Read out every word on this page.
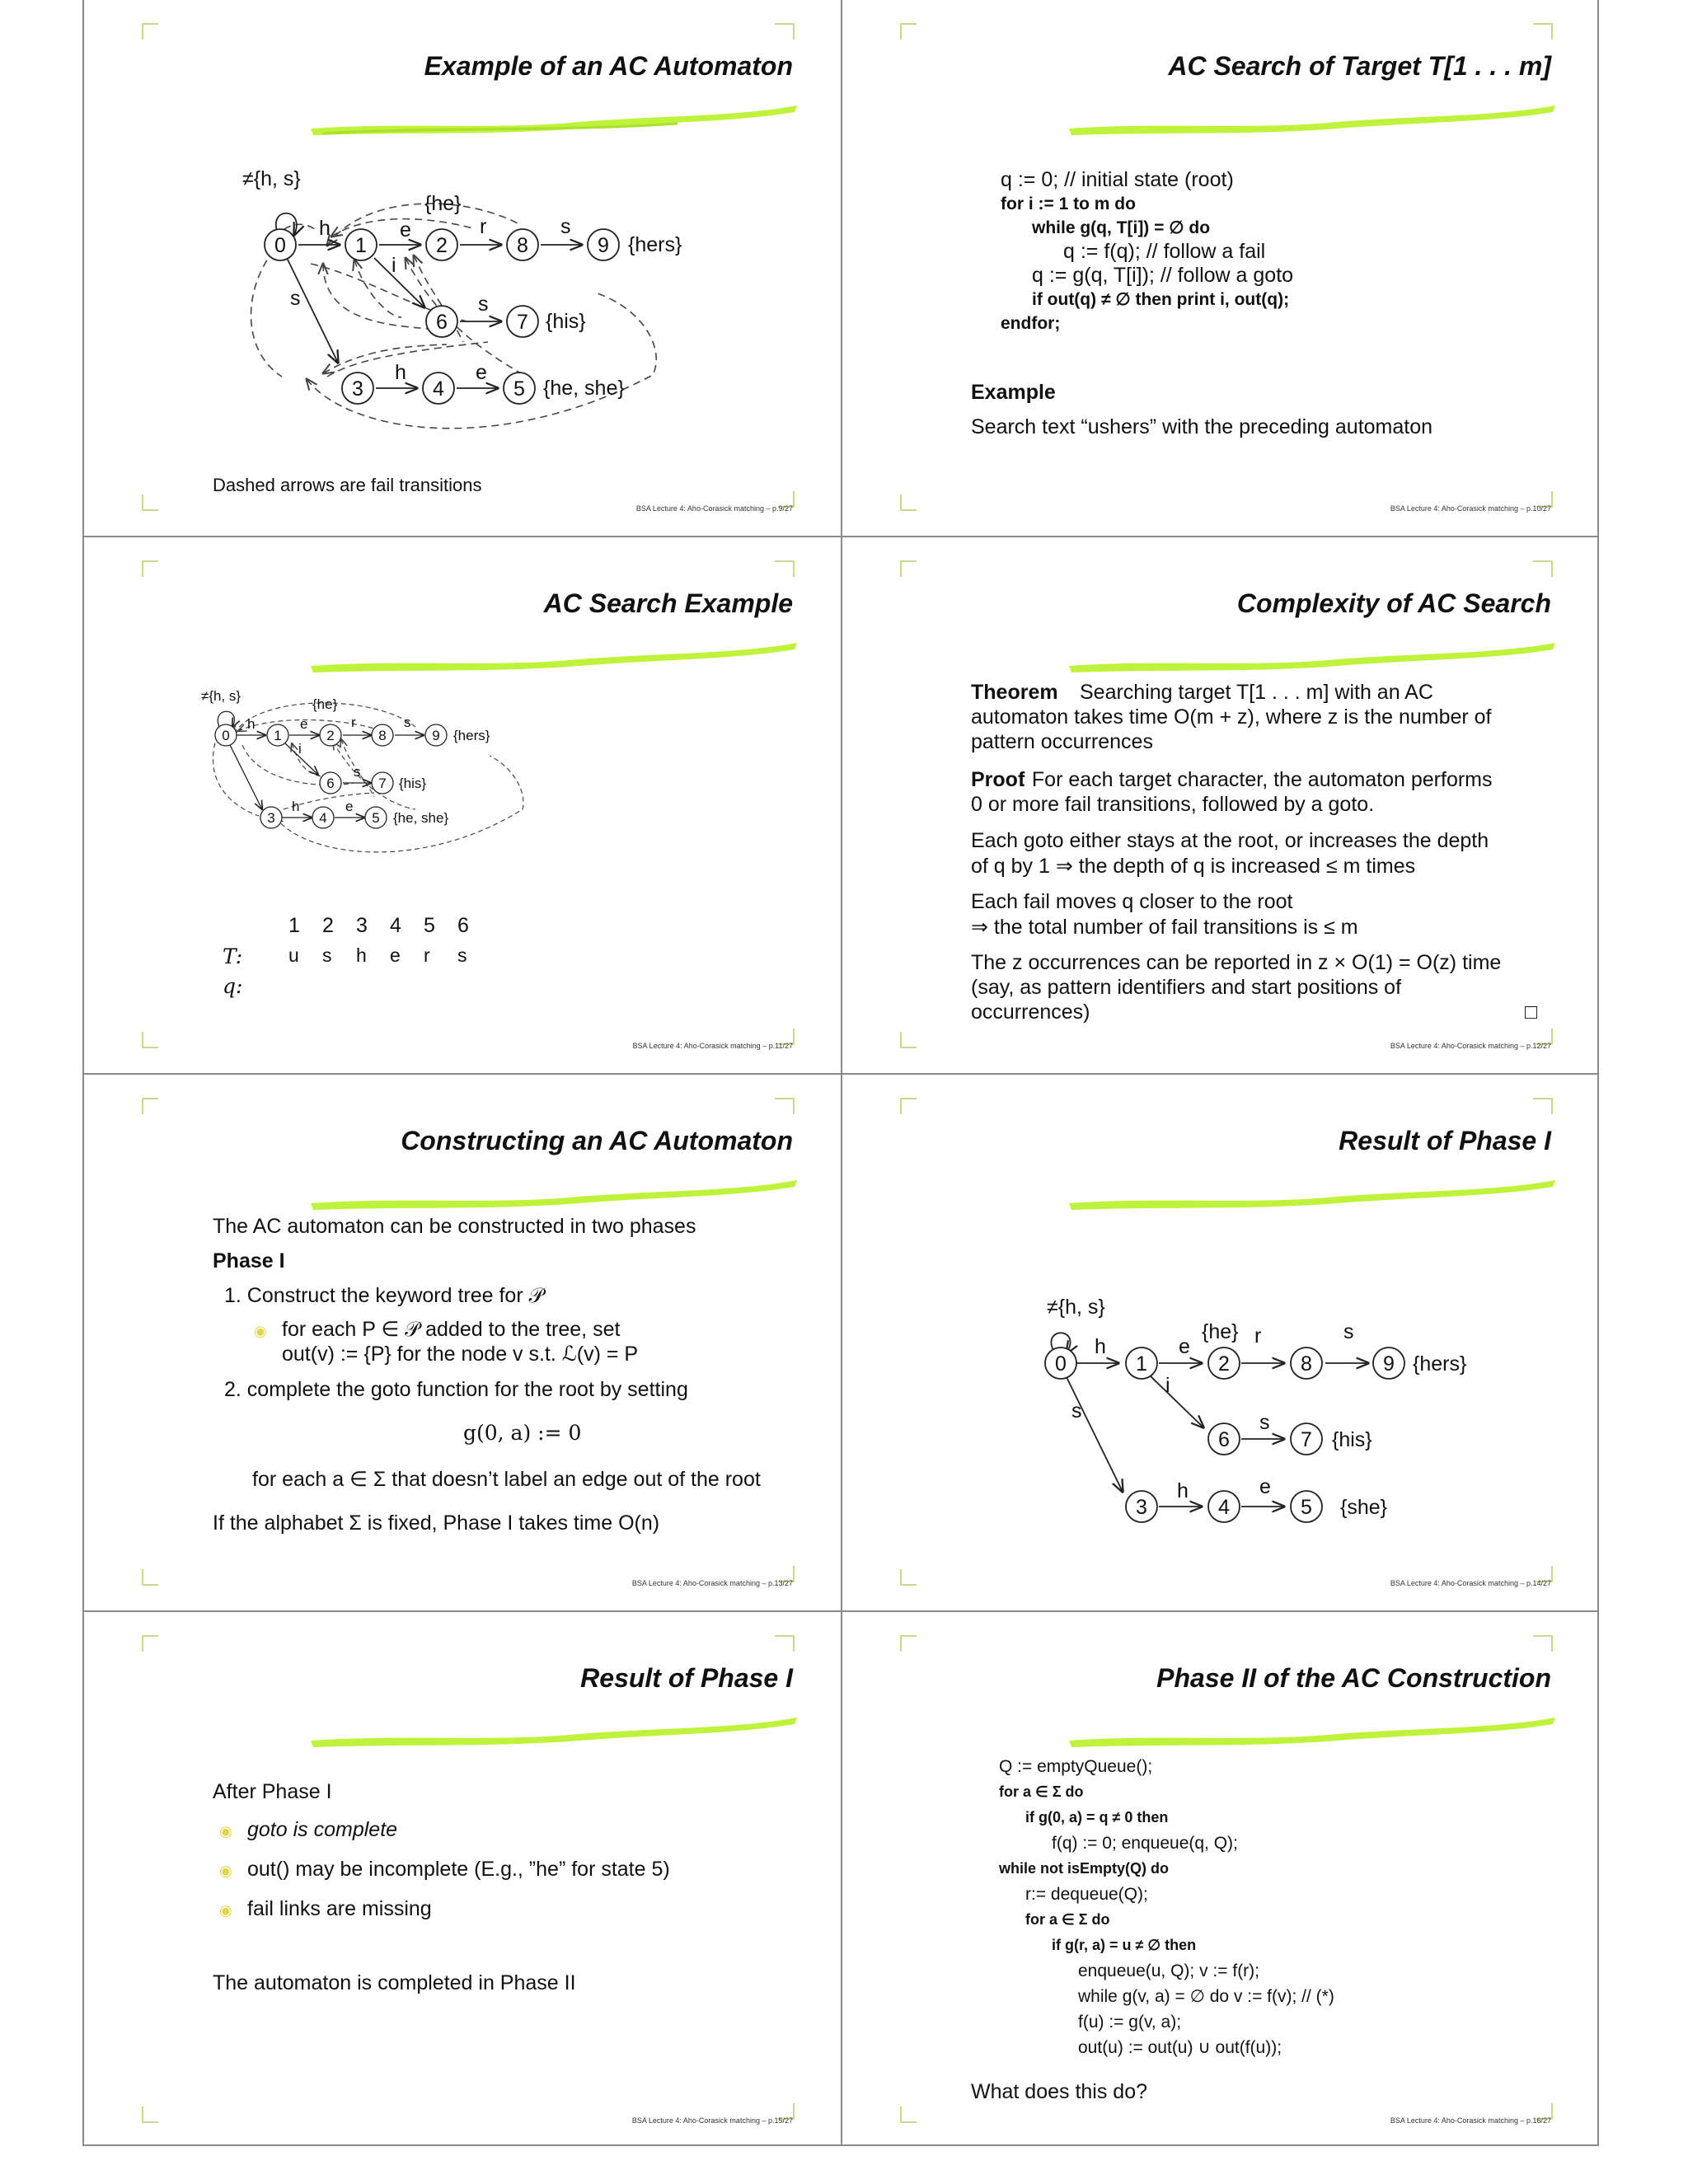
Example of an AC Automaton
0	1	2	8	9
6	7
3	4	5
≠{h, s}
h	e	r	s
i
s
s
h	e
{he}
{hers}
{his}
{he, she}
Dashed arrows are fail transitions
BSA Lecture 4: Aho-Corasick matching – p.9/27
AC Search of Target T[1 . . . m]
q := 0; // initial state (root)
for i := 1 to m do
while g(q, T[i]) = ∅ do
q := f(q); // follow a fail
q := g(q, T[i]); // follow a goto
if out(q) ≠ ∅ then print i, out(q);
endfor;
Example
Search text “ushers” with the preceding automaton
BSA Lecture 4: Aho-Corasick matching – p.10/27
AC Search Example
0	1	2	8	9
6	7
3	4	5
≠{h, s}
h	e	r	s
i
s
h	e
{he}
{hers}
{his}
{he, she}
1 2 3 4 5 6
T: u s h e r s
q:
BSA Lecture 4: Aho-Corasick matching – p.11/27
Complexity of AC Search
Theorem Searching target T[1 . . . m] with an AC
automaton takes time O(m + z), where z is the number of
pattern occurrences
Proof
. For each target character, the automaton performs
0 or more fail transitions, followed by a goto.
Each goto either stays at the root, or increases the depth
of q by 1 ⇒ the depth of q is increased ≤ m times
Each fail moves q closer to the root
⇒ the total number of fail transitions is ≤ m
The z occurrences can be reported in z × O(1) = O(z) time
(say, as pattern identifiers and start positions of
occurrences)	□
BSA Lecture 4: Aho-Corasick matching – p.12/27
Constructing an AC Automaton
The AC automaton can be constructed in two phases
Phase I
1. Construct the keyword tree for 𝒫
◉ for each P ∈ 𝒫 added to the tree, set
out(v) := {P} for the node v s.t. ℒ(v) = P
2. complete the goto function for the root by setting
g(0, a) := 0
for each a ∈ Σ that doesn’t label an edge out of the root
If the alphabet Σ is fixed, Phase I takes time O(n)
BSA Lecture 4: Aho-Corasick matching – p.13/27
Result of Phase I
0	1	2	8	9
6	7
3	4	5
≠{h, s}
h	e	r	s
i
s
s
h	e
{he}
{hers}
{his}
{she}
BSA Lecture 4: Aho-Corasick matching – p.14/27
Result of Phase I
After Phase I
◉ goto is complete
◉ out() may be incomplete (E.g., ”he” for state 5)
◉ fail links are missing
The automaton is completed in Phase II
BSA Lecture 4: Aho-Corasick matching – p.15/27
Phase II of the AC Construction
Q := emptyQueue();
for a ∈ Σ do
if g(0, a) = q ≠ 0 then
f(q) := 0; enqueue(q, Q);
while not isEmpty(Q) do
r:= dequeue(Q);
for a ∈ Σ do
if g(r, a) = u ≠ ∅ then
enqueue(u, Q); v := f(r);
while g(v, a) = ∅ do v := f(v); // (*)
f(u) := g(v, a);
out(u) := out(u) ∪ out(f(u));
What does this do?
BSA Lecture 4: Aho-Corasick matching – p.16/27
